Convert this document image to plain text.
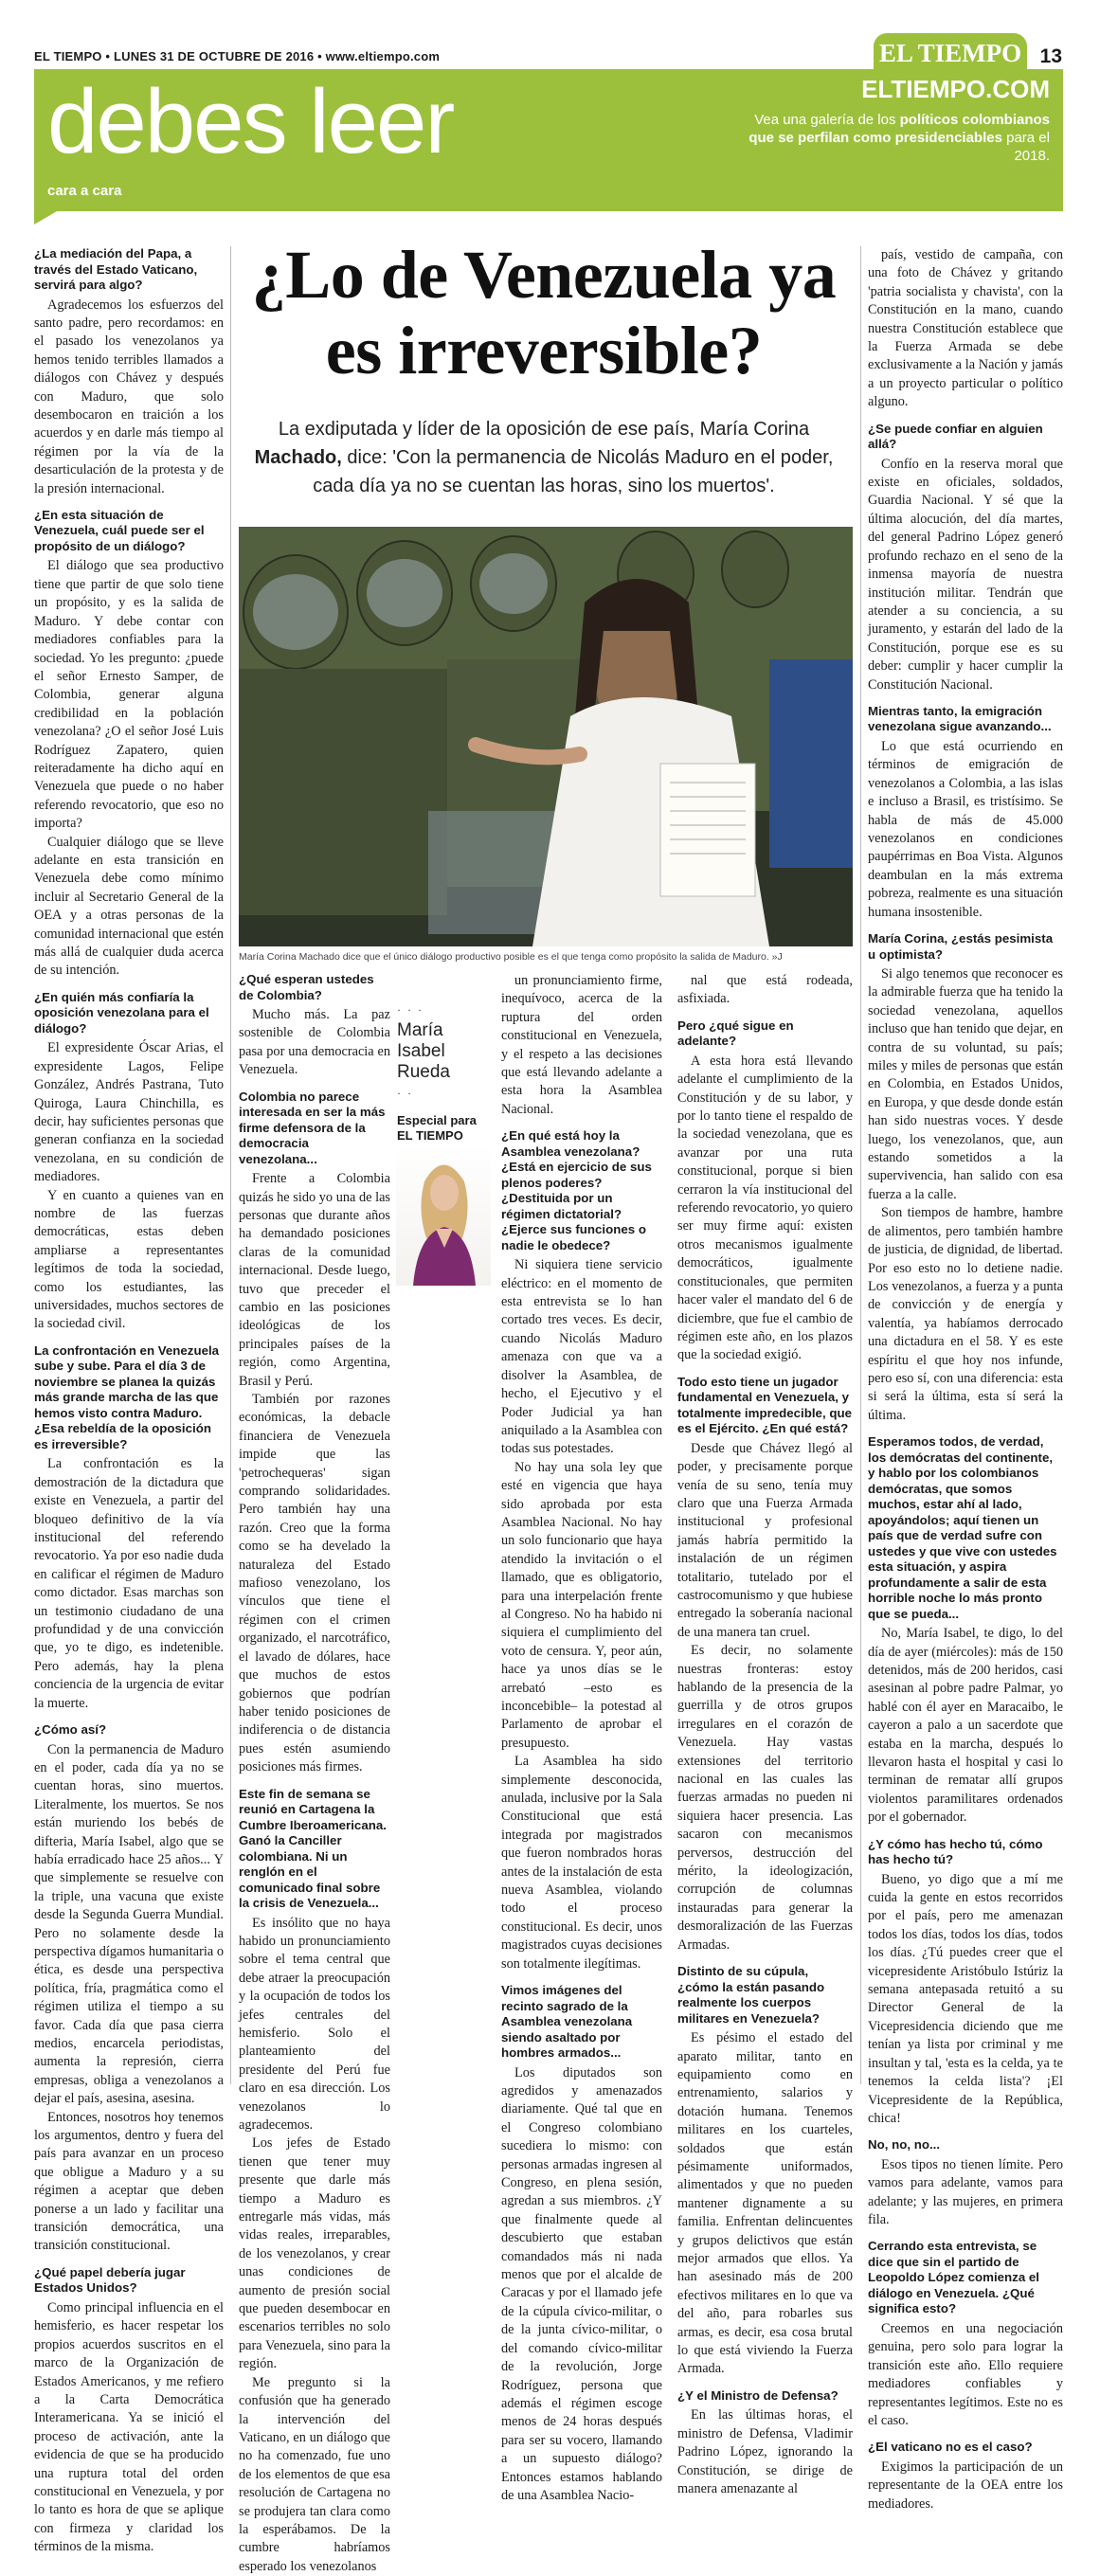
EL TIEMPO • LUNES 31 DE OCTUBRE DE 2016 • www.eltiempo.com	EL TIEMPO 13
debes leer
cara a cara
ELTIEMPO.COM
Vea una galería de los políticos colombianos que se perfilan como presidenciables para el 2018.
¿La mediación del Papa, a través del Estado Vaticano, servirá para algo?

Agradecemos los esfuerzos del santo padre, pero recordamos: en el pasado los venezolanos ya hemos tenido terribles llamados a diálogos con Chávez y después con Maduro, que solo desembocaron en traición a los acuerdos y en darle más tiempo al régimen por la vía de la desarticulación de la protesta y de la presión internacional.

¿En esta situación de Venezuela, cuál puede ser el propósito de un diálogo?

El diálogo que sea productivo tiene que partir de que solo tiene un propósito, y es la salida de Maduro. Y debe contar con mediadores confiables para la sociedad. Yo les pregunto: ¿puede el señor Ernesto Samper, de Colombia, generar alguna credibilidad en la población venezolana? ¿O el señor José Luis Rodríguez Zapatero, quien reiteradamente ha dicho aquí en Venezuela que puede o no haber referendo revocatorio, que eso no importa?

Cualquier diálogo que se lleve adelante en esta transición en Venezuela debe como mínimo incluir al Secretario General de la OEA y a otras personas de la comunidad internacional que estén más allá de cualquier duda acerca de su intención.

¿En quién más confiaría la oposición venezolana para el diálogo?

El expresidente Óscar Arias, el expresidente Lagos, Felipe González, Andrés Pastrana, Tuto Quiroga, Laura Chinchilla, es decir, hay suficientes personas que generan confianza en la sociedad venezolana, en su condición de mediadores.

Y en cuanto a quienes van en nombre de las fuerzas democráticas, estas deben ampliarse a representantes legítimos de toda la sociedad, como los estudiantes, las universidades, muchos sectores de la sociedad civil.

La confrontación en Venezuela sube y sube. Para el día 3 de noviembre se planea la quizás más grande marcha de las que hemos visto contra Maduro. ¿Esa rebeldía de la oposición es irreversible?

La confrontación es la demostración de la dictadura que existe en Venezuela, a partir del bloqueo definitivo de la vía institucional del referendo revocatorio. Ya por eso nadie duda en calificar el régimen de Maduro como dictador. Esas marchas son un testimonio ciudadano de una profundidad y de una convicción que, yo te digo, es indetenible. Pero además, hay la plena conciencia de la urgencia de evitar la muerte.

¿Cómo así?

Con la permanencia de Maduro en el poder, cada día ya no se cuentan horas, sino muertos. Literalmente, los muertos. Se nos están muriendo los bebés de difteria, María Isabel, algo que se había erradicado hace 25 años... Y que simplemente se resuelve con la triple, una vacuna que existe desde la Segunda Guerra Mundial. Pero no solamente desde la perspectiva dígamos humanitaria o ética, es desde una perspectiva política, fría, pragmática como el régimen utiliza el tiempo a su favor. Cada día que pasa cierra medios, encarcela periodistas, aumenta la represión, cierra empresas, obliga a venezolanos a dejar el país, asesina, asesina.

Entonces, nosotros hoy tenemos los argumentos, dentro y fuera del país para avanzar en un proceso que obligue a Maduro y a su régimen a aceptar que deben ponerse a un lado y facilitar una transición democrática, una transición constitucional.

¿Qué papel debería jugar Estados Unidos?

Como principal influencia en el hemisferio, es hacer respetar los propios acuerdos suscritos en el marco de la Organización de Estados Americanos, y me refiero a la Carta Democrática Interamericana. Ya se inició el proceso de activación, ante la evidencia de que se ha producido una ruptura total del orden constitucional en Venezuela, y por lo tanto es hora de que se aplique con firmeza y claridad los términos de la misma.

¿Lo de Venezuela ya es irreversible?
La exdiputada y líder de la oposición de ese país, María Corina Machado, dice: 'Con la permanencia de Nicolás Maduro en el poder, cada día ya no se cuentan las horas, sino los muertos'.
María Corina Machado dice que el único diálogo productivo posible es el que tenga como propósito la salida de Maduro. »J
¿Qué esperan ustedes de Colombia?

Mucho más. La paz sostenible de Colombia pasa por una democracia en Venezuela.

Colombia no parece interesada en ser la más firme defensora de la democracia venezolana...

Frente a Colombia quizás he sido yo una de las personas que durante años ha demandado posiciones claras de la comunidad internacional. Desde luego, tuvo que preceder el cambio en las posiciones ideológicas de los principales países de la región, como Argentina, Brasil y Perú.

También por razones económicas, la debacle financiera de Venezuela impide que las 'petrochequeras' sigan comprando solidaridades. Pero también hay una razón. Creo que la forma como se ha develado la naturaleza del Estado mafioso venezolano, los vínculos que tiene el régimen con el crimen organizado, el narcotráfico, el lavado de dólares, hace que muchos de estos gobiernos que podrían haber tenido posiciones de indiferencia o de distancia pues estén asumiendo posiciones más firmes.

Este fin de semana se reunió en Cartagena la Cumbre Iberoamericana. Ganó la Canciller colombiana. Ni un renglón en el comunicado final sobre la crisis de Venezuela...

Es insólito que no haya habido un pronunciamiento sobre el tema central que debe atraer la preocupación y la ocupación de todos los jefes centrales del hemisferio. Solo el planteamiento del presidente del Perú fue claro en esa dirección. Los venezolanos lo agradecemos.

Los jefes de Estado tienen que tener muy presente que darle más tiempo a Maduro es entregarle más vidas, más vidas reales, irreparables, de los venezolanos, y crear unas condiciones de aumento de presión social que pueden desembocar en escenarios terribles no solo para Venezuela, sino para la región.

Me pregunto si la confusión que ha generado la intervención del Vaticano, en un diálogo que no ha comenzado, fue uno de los elementos de que esa resolución de Cartagena no se produjera tan clara como la esperábamos. De la cumbre habríamos esperado los venezolanos

· · ·
María Isabel
Rueda
· ·
Especial para EL TIEMPO

un pronunciamiento firme, inequívoco, acerca de la ruptura del orden constitucional en Venezuela, y el respeto a las decisiones que está llevando adelante a esta hora la Asamblea Nacional.

¿En qué está hoy la Asamblea venezolana? ¿Está en ejercicio de sus plenos poderes? ¿Destituida por un régimen dictatorial? ¿Ejerce sus funciones o nadie le obedece?

Ni siquiera tiene servicio eléctrico: en el momento de esta entrevista se lo han cortado tres veces. Es decir, cuando Nicolás Maduro amenaza con que va a disolver la Asamblea, de hecho, el Ejecutivo y el Poder Judicial ya han aniquilado a la Asamblea con todas sus potestades.

No hay una sola ley que esté en vigencia que haya sido aprobada por esta Asamblea Nacional. No hay un solo funcionario que haya atendido la invitación o el llamado, que es obligatorio, para una interpelación frente al Congreso. No ha habido ni siquiera el cumplimiento del voto de censura. Y, peor aún, hace ya unos días se le arrebató –esto es inconcebible– la potestad al Parlamento de aprobar el presupuesto.

La Asamblea ha sido simplemente desconocida, anulada, inclusive por la Sala Constitucional que está integrada por magistrados que fueron nombrados horas antes de la instalación de esta nueva Asamblea, violando todo el proceso constitucional. Es decir, unos magistrados cuyas decisiones son totalmente ilegítimas.

Vimos imágenes del recinto sagrado de la Asamblea venezolana siendo asaltado por hombres armados...

Los diputados son agredidos y amenazados diariamente. Qué tal que en el Congreso colombiano sucediera lo mismo: con personas armadas ingresen al Congreso, en plena sesión, agredan a sus miembros. ¿Y que finalmente quede al descubierto que estaban comandados más ni nada menos que por el alcalde de Caracas y por el llamado jefe de la cúpula cívico-militar, o de la junta cívico-militar, o del comando cívico-militar de la revolución, Jorge Rodríguez, persona que además el régimen escoge menos de 24 horas después para ser su vocero, llamando a un supuesto diálogo? Entonces estamos hablando de una Asamblea Nacio-

nal que está rodeada, asfixiada.

Pero ¿qué sigue en adelante?

A esta hora está llevando adelante el cumplimiento de la Constitución y de su labor, y por lo tanto tiene el respaldo de la sociedad venezolana, que es avanzar por una ruta constitucional, porque si bien cerraron la vía institucional del referendo revocatorio, yo quiero ser muy firme aquí: existen otros mecanismos igualmente democráticos, igualmente constitucionales, que permiten hacer valer el mandato del 6 de diciembre, que fue el cambio de régimen este año, en los plazos que la sociedad exigió.

Todo esto tiene un jugador fundamental en Venezuela, y totalmente impredecible, que es el Ejército. ¿En qué está?

Desde que Chávez llegó al poder, y precisamente porque venía de su seno, tenía muy claro que una Fuerza Armada institucional y profesional jamás habría permitido la instalación de un régimen totalitario, tutelado por el castrocomunismo y que hubiese entregado la soberanía nacional de una manera tan cruel.

Es decir, no solamente nuestras fronteras: estoy hablando de la presencia de la guerrilla y de otros grupos irregulares en el corazón de Venezuela. Hay vastas extensiones del territorio nacional en las cuales las fuerzas armadas no pueden ni siquiera hacer presencia. Las sacaron con mecanismos perversos, destrucción del mérito, la ideologización, corrupción de columnas instauradas para generar la desmoralización de las Fuerzas Armadas.

Distinto de su cúpula, ¿cómo la están pasando realmente los cuerpos militares en Venezuela?

Es pésimo el estado del aparato militar, tanto en equipamiento como en entrenamiento, salarios y dotación humana. Tenemos militares en los cuarteles, soldados que están pésimamente uniformados, alimentados y que no pueden mantener dignamente a su familia. Enfrentan delincuentes y grupos delictivos que están mejor armados que ellos. Ya han asesinado más de 200 efectivos militares en lo que va del año, para robarles sus armas, es decir, esa cosa brutal lo que está viviendo la Fuerza Armada.

¿Y el Ministro de Defensa?

En las últimas horas, el ministro de Defensa, Vladimir Padrino López, ignorando la Constitución, se dirige de manera amenazante al

país, vestido de campaña, con una foto de Chávez y gritando 'patria socialista y chavista', con la Constitución en la mano, cuando nuestra Constitución establece que la Fuerza Armada se debe exclusivamente a la Nación y jamás a un proyecto particular o político alguno.

¿Se puede confiar en alguien allá?

Confío en la reserva moral que existe en oficiales, soldados, Guardia Nacional. Y sé que la última alocución, del día martes, del general Padrino López generó profundo rechazo en el seno de la inmensa mayoría de nuestra institución militar. Tendrán que atender a su conciencia, a su juramento, y estarán del lado de la Constitución, porque ese es su deber: cumplir y hacer cumplir la Constitución Nacional.

Mientras tanto, la emigración venezolana sigue avanzando...

Lo que está ocurriendo en términos de emigración de venezolanos a Colombia, a las islas e incluso a Brasil, es tristísimo. Se habla de más de 45.000 venezolanos en condiciones paupérrimas en Boa Vista. Algunos deambulan en la más extrema pobreza, realmente es una situación humana insostenible.

María Corina, ¿estás pesimista u optimista?

Si algo tenemos que reconocer es la admirable fuerza que ha tenido la sociedad venezolana, aquellos incluso que han tenido que dejar, en contra de su voluntad, su país; miles y miles de personas que están en Colombia, en Estados Unidos, en Europa, y que desde donde están han sido nuestras voces. Y desde luego, los venezolanos, que, aun estando sometidos a la supervivencia, han salido con esa fuerza a la calle.

Son tiempos de hambre, hambre de alimentos, pero también hambre de justicia, de dignidad, de libertad. Por eso esto no lo detiene nadie. Los venezolanos, a fuerza y a punta de convicción y de energía y valentía, ya habíamos derrocado una dictadura en el 58. Y es este espíritu el que hoy nos infunde, pero eso sí, con una diferencia: esta si será la última, esta sí será la última.

Esperamos todos, de verdad, los demócratas del continente, y hablo por los colombianos demócratas, que somos muchos, estar ahí al lado, apoyándolos; aquí tienen un país que de verdad sufre con ustedes y que vive con ustedes esta situación, y aspira profundamente a salir de esta horrible noche lo más pronto que se pueda...

No, María Isabel, te digo, lo del día de ayer (miércoles): más de 150 detenidos, más de 200 heridos, casi asesinan al pobre padre Palmar, yo hablé con él ayer en Maracaibo, le cayeron a palo a un sacerdote que estaba en la marcha, después lo llevaron hasta el hospital y casi lo terminan de rematar allí grupos violentos paramilitares ordenados por el gobernador.

¿Y cómo has hecho tú, cómo has hecho tú?

Bueno, yo digo que a mí me cuida la gente en estos recorridos por el país, pero me amenazan todos los días, todos los días, todos los días. ¿Tú puedes creer que el vicepresidente Aristóbulo Istúriz la semana antepasada retuitó a su Director General de la Vicepresidencia diciendo que me tenían ya lista por criminal y me insultan y tal, 'esta es la celda, ya te tenemos la celda lista'? ¡El Vicepresidente de la República, chica!

No, no, no...

Esos tipos no tienen límite. Pero vamos para adelante, vamos para adelante; y las mujeres, en primera fila.

Cerrando esta entrevista, se dice que sin el partido de Leopoldo López comienza el diálogo en Venezuela. ¿Qué significa esto?

Creemos en una negociación genuina, pero solo para lograr la transición este año. Ello requiere mediadores confiables y representantes legítimos. Este no es el caso.

¿El vaticano no es el caso?

Exigimos la participación de un representante de la OEA entre los mediadores.
